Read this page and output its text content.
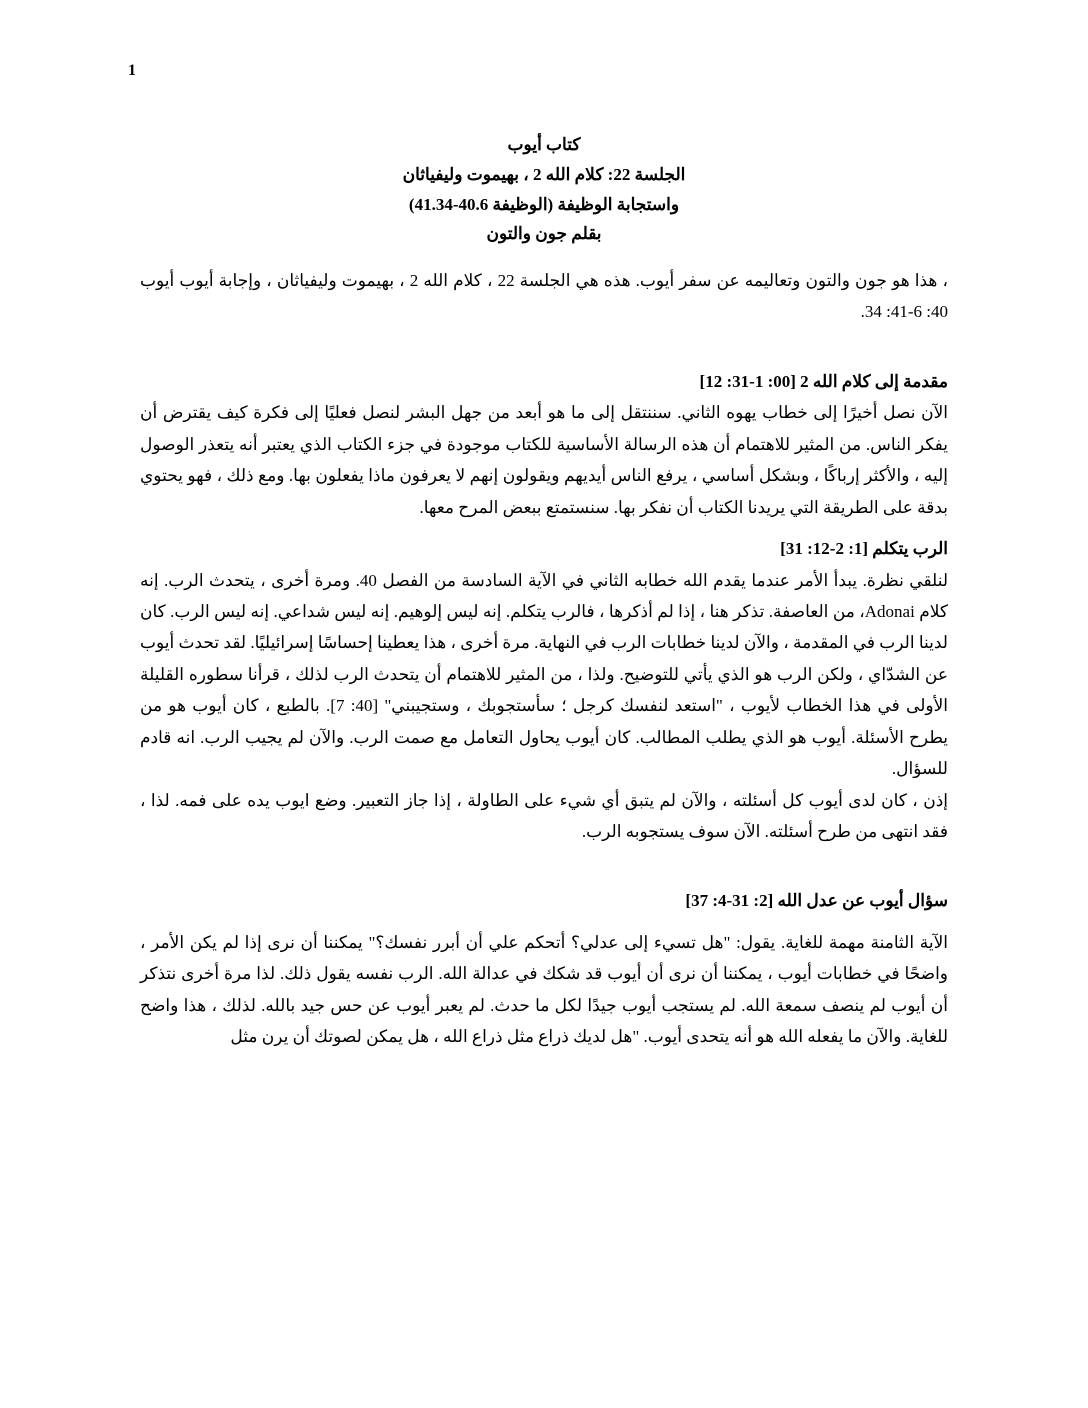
1
كتاب أيوب
الجلسة 22: كلام الله 2 ، بهيموت وليفياثان
واستجابة الوظيفة (الوظيفة 40.6-41.34)
بقلم جون والتون

، هذا هو جون والتون وتعاليمه عن سفر أيوب. هذه هي الجلسة 22 ، كلام الله 2 ، بهيموت وليفياثان ، وإجابة أيوب أيوب 40: 6-41: 34.

مقدمة إلى كلام الله 2 [00: 1-31: 12]

الآن نصل أخيرًا إلى خطاب يهوه الثاني. سننتقل إلى ما هو أبعد من جهل البشر لنصل فعليًا إلى فكرة كيف يقترض أن يفكر الناس. من المثير للاهتمام أن هذه الرسالة الأساسية للكتاب موجودة في جزء الكتاب الذي يعتبر أنه يتعذر الوصول إليه ، والأكثر إرباكًا ، وبشكل أساسي ، يرفع الناس أيديهم ويقولون إنهم لا يعرفون ماذا يفعلون بها. ومع ذلك ، فهو يحتوي بدقة على الطريقة التي يريدنا الكتاب أن نفكر بها. سنستمتع ببعض المرح معها.

الرب يتكلم [1: 2-12: 31]

لنلقي نظرة. يبدأ الأمر عندما يقدم الله خطابه الثاني في الآية السادسة من الفصل 40. ومرة أخرى ، يتحدث الرب. إنه كلام Adonai، من العاصفة. تذكر هنا ، إذا لم أذكرها ، فالرب يتكلم. إنه ليس إلوهيم. إنه ليس شداعي. إنه ليس الرب. كان لدينا الرب في المقدمة ، والآن لدينا خطابات الرب في النهاية. مرة أخرى ، هذا يعطينا إحساسًا إسرائيليًا. لقد تحدث أيوب عن الشدّاي ، ولكن الرب هو الذي يأتي للتوضيح. ولذا ، من المثير للاهتمام أن يتحدث الرب لذلك ، قرأنا سطوره القليلة الأولى في هذا الخطاب لأيوب ، "استعد لنفسك كرجل ؛ سأستجوبك ، وستجيبني" [40: 7]. بالطبع ، كان أيوب هو من يطرح الأسئلة. أيوب هو الذي يطلب المطالب. كان أيوب يحاول التعامل مع صمت الرب. والآن لم يجيب الرب. انه قادم للسؤال.

إذن ، كان لدى أيوب كل أسئلته ، والآن لم يتبق أي شيء على الطاولة ، إذا جاز التعبير. وضع ايوب يده على فمه. لذا ، فقد انتهى من طرح أسئلته. الآن سوف يستجوبه الرب.

سؤال أيوب عن عدل الله [2: 31-4: 37]

الآية الثامنة مهمة للغاية. يقول: "هل تسيء إلى عدلي؟ أتحكم علي أن أبرر نفسك؟" يمكننا أن نرى إذا لم يكن الأمر ، واضحًا في خطابات أيوب ، يمكننا أن نرى أن أيوب قد شكك في عدالة الله. الرب نفسه يقول ذلك. لذا مرة أخرى نتذكر أن أيوب لم ينصف سمعة الله. لم يستجب أيوب جيدًا لكل ما حدث. لم يعبر أيوب عن حس جيد بالله. لذلك ، هذا واضح للغاية. والآن ما يفعله الله هو أنه يتحدى أيوب. "هل لديك ذراع مثل ذراع الله ، هل يمكن لصوتك أن يرن مثل
